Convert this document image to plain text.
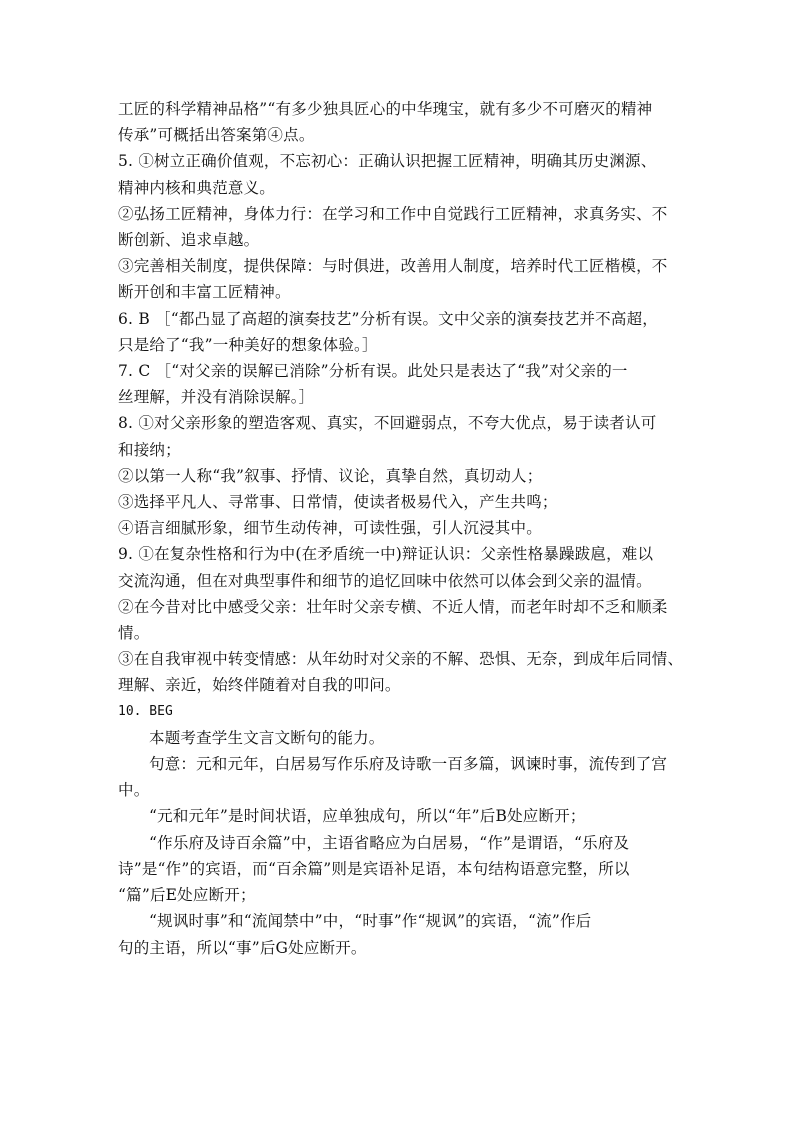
工匠的科学精神品格”“有多少独具匠心的中华瑰宝，就有多少不可磨灭的精神
传承”可概括出答案第④点。
5. ①树立正确价值观，不忘初心：正确认识把握工匠精神，明确其历史渊源、
精神内核和典范意义。
②弘扬工匠精神，身体力行：在学习和工作中自觉践行工匠精神，求真务实、不
断创新、追求卓越。
③完善相关制度，提供保障：与时俱进，改善用人制度，培养时代工匠楷模，不
断开创和丰富工匠精神。
6. B ［“都凸显了高超的演奏技艺”分析有误。文中父亲的演奏技艺并不高超，
只是给了“我”一种美好的想象体验。］
7. C ［“对父亲的误解已消除”分析有误。此处只是表达了“我”对父亲的一
丝理解，并没有消除误解。］
8. ①对父亲形象的塑造客观、真实，不回避弱点，不夸大优点，易于读者认可
和接纳；
②以第一人称“我”叙事、抒情、议论，真挚自然，真切动人；
③选择平凡人、寻常事、日常情，使读者极易代入，产生共鸣；
④语言细腻形象，细节生动传神，可读性强，引人沉浸其中。
9. ①在复杂性格和行为中(在矛盾统一中)辩证认识：父亲性格暴躁跋扈，难以
交流沟通，但在对典型事件和细节的追忆回味中依然可以体会到父亲的温情。
②在今昔对比中感受父亲：壮年时父亲专横、不近人情，而老年时却不乏和顺柔
情。
③在自我审视中转变情感：从年幼时对父亲的不解、恐惧、无奈，到成年后同情、
理解、亲近，始终伴随着对自我的叩问。
10. BEG
本题考查学生文言文断句的能力。
句意：元和元年，白居易写作乐府及诗歌一百多篇，讽谏时事，流传到了宫
中。
“元和元年”是时间状语，应单独成句，所以“年”后B处应断开；
“作乐府及诗百余篇”中，主语省略应为白居易，“作”是谓语，“乐府及
诗”是“作”的宾语，而“百余篇”则是宾语补足语，本句结构语意完整，所以
“篇”后E处应断开；
“规讽时事”和“流闻禁中”中，“时事”作“规讽”的宾语，“流”作后
句的主语，所以“事”后G处应断开。
